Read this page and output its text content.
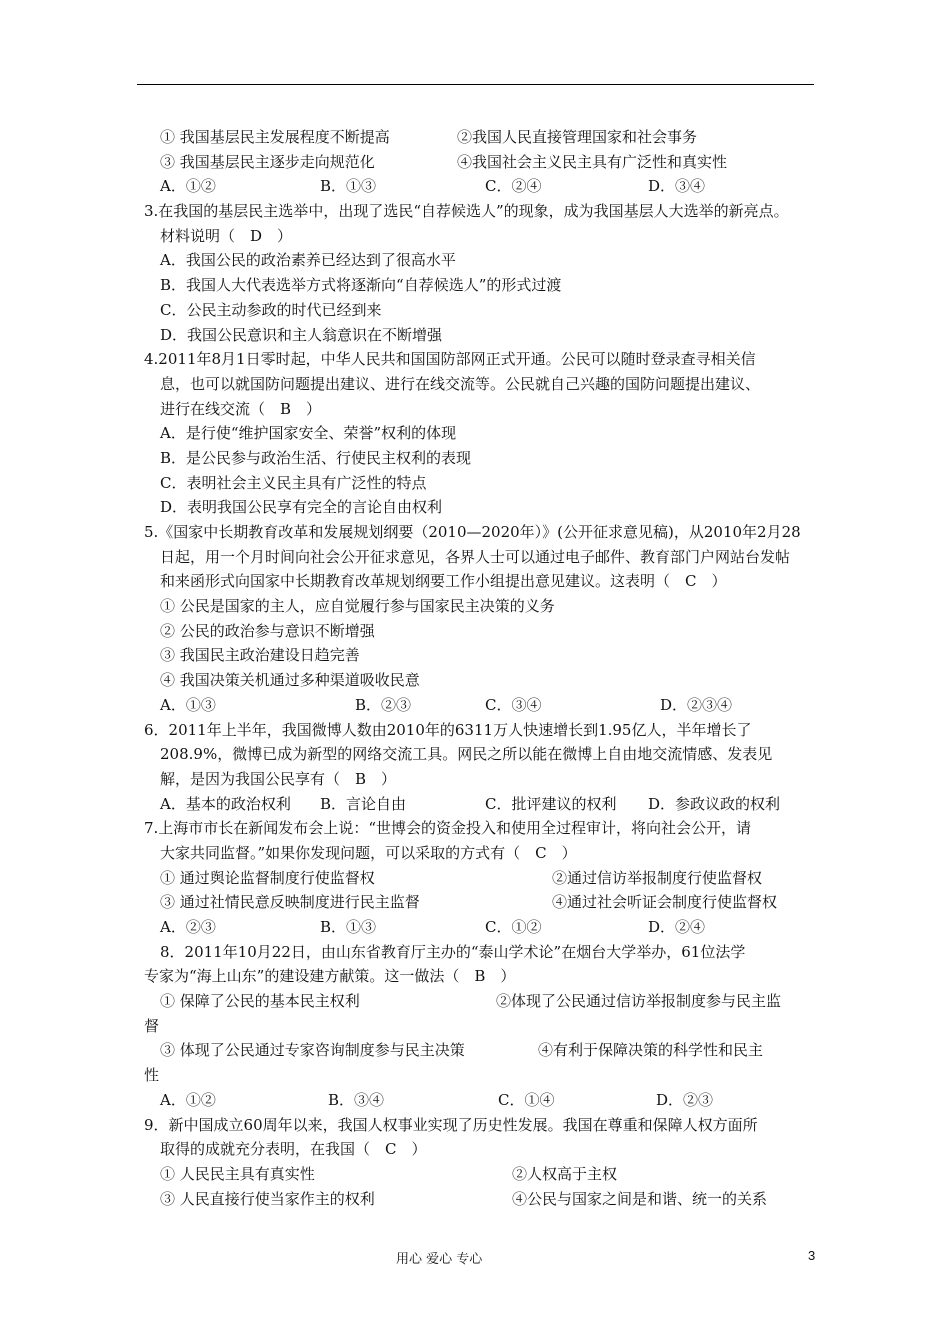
① 我国基层民主发展程度不断提高	②我国人民直接管理国家和社会事务
③ 我国基层民主逐步走向规范化	④我国社会主义民主具有广泛性和真实性
A．①②	B．①③	C．②④	D．③④
3.在我国的基层民主选举中，出现了选民“自荐候选人”的现象，成为我国基层人大选举的新亮点。
材料说明（　D　）
A．我国公民的政治素养已经达到了很高水平
B．我国人大代表选举方式将逐渐向“自荐候选人”的形式过渡
C．公民主动参政的时代已经到来
D．我国公民意识和主人翁意识在不断增强
4.2011年8月1日零时起，中华人民共和国国防部网正式开通。公民可以随时登录查寻相关信
息，也可以就国防问题提出建议、进行在线交流等。公民就自己兴趣的国防问题提出建议、
进行在线交流（　B　）
A．是行使“维护国家安全、荣誉”权利的体现
B．是公民参与政治生活、行使民主权利的表现
C．表明社会主义民主具有广泛性的特点
D．表明我国公民享有完全的言论自由权利
5.《国家中长期教育改革和发展规划纲要（2010—2020年）》(公开征求意见稿)，从2010年2月28
日起，用一个月时间向社会公开征求意见，各界人士可以通过电子邮件、教育部门户网站台发帖
和来函形式向国家中长期教育改革规划纲要工作小组提出意见建议。这表明（　C　）
① 公民是国家的主人，应自觉履行参与国家民主决策的义务
② 公民的政治参与意识不断增强
③ 我国民主政治建设日趋完善
④ 我国决策关机通过多种渠道吸收民意
A．①③	B．②③	C．③④	D．②③④
6．2011年上半年，我国微博人数由2010年的6311万人快速增长到1.95亿人，半年增长了
208.9%，微博已成为新型的网络交流工具。网民之所以能在微博上自由地交流情感、发表见
解，是因为我国公民享有（　B　）
A．基本的政治权利 B．言论自由	C．批评建议的权利 D．参政议政的权利
7.上海市市长在新闻发布会上说：“世博会的资金投入和使用全过程审计，将向社会公开，请
大家共同监督。”如果你发现问题，可以采取的方式有（　C　）
① 通过舆论监督制度行使监督权	②通过信访举报制度行使监督权
③ 通过社情民意反映制度进行民主监督	④通过社会听证会制度行使监督权
A．②③	B．①③	C．①②	D．②④
8．2011年10月22日，由山东省教育厅主办的“泰山学术论”在烟台大学举办，61位法学
专家为“海上山东”的建设建方献策。这一做法（　B　）
① 保障了公民的基本民主权利	②体现了公民通过信访举报制度参与民主监
督
③ 体现了公民通过专家咨询制度参与民主决策	④有利于保障决策的科学性和民主
性
A．①②	B．③④	C．①④	D．②③
9．新中国成立60周年以来，我国人权事业实现了历史性发展。我国在尊重和保障人权方面所
取得的成就充分表明，在我国（　C　）
① 人民民主具有真实性	②人权高于主权
③ 人民直接行使当家作主的权利	④公民与国家之间是和谐、统一的关系
用心 爱心 专心	3
